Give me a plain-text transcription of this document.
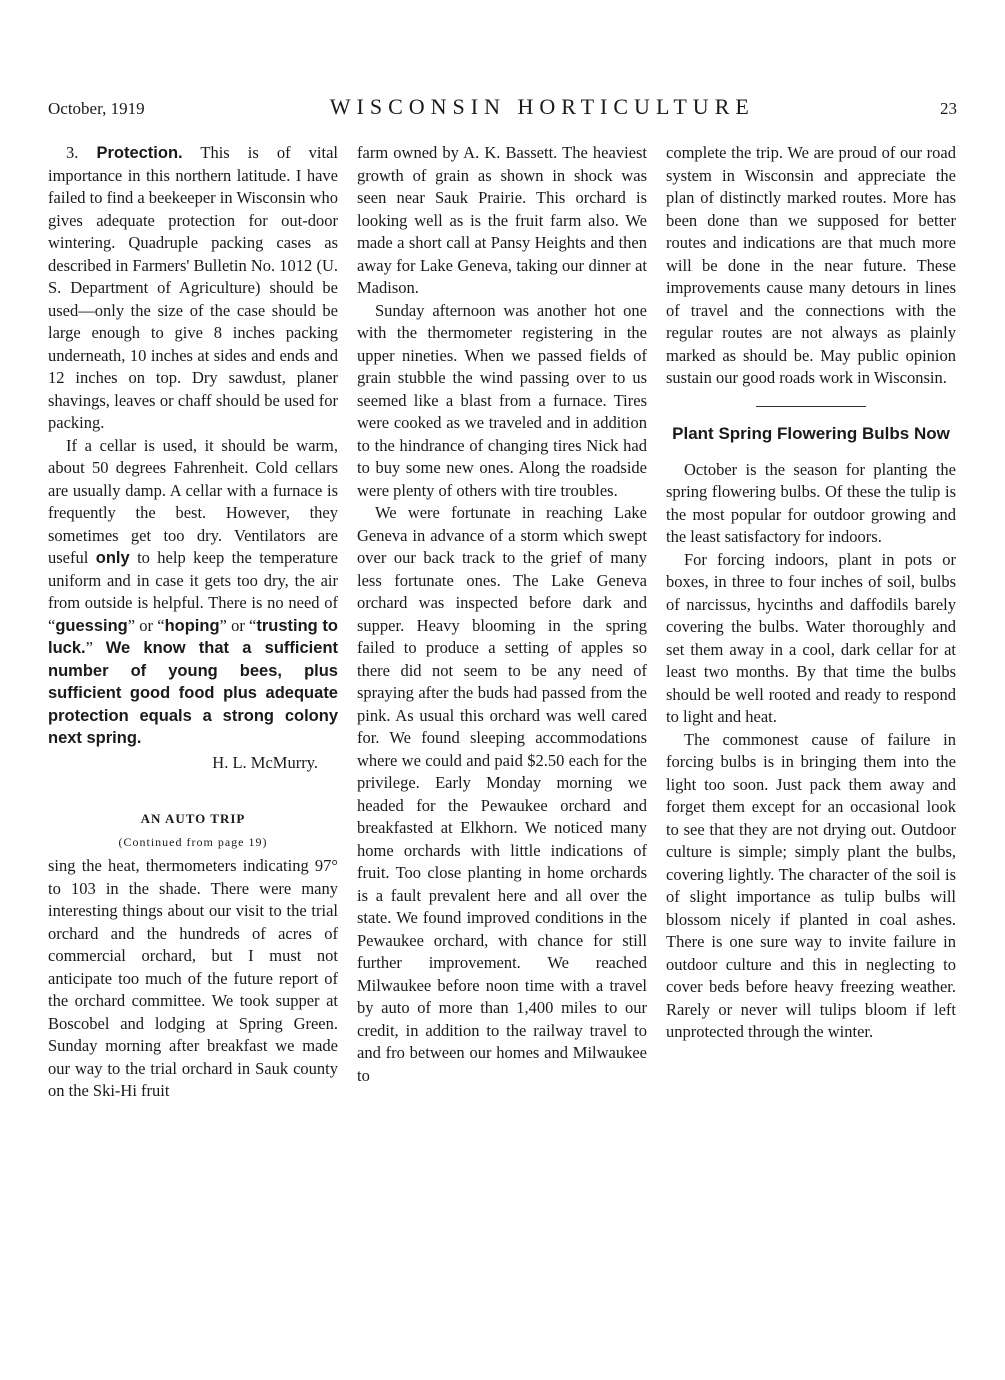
October, 1919	WISCONSIN HORTICULTURE	23

3. Protection. This is of vital importance in this northern latitude. I have failed to find a beekeeper in Wisconsin who gives adequate protection for out-door wintering. Quadruple packing cases as described in Farmers' Bulletin No. 1012 (U. S. Department of Agriculture) should be used—only the size of the case should be large enough to give 8 inches packing underneath, 10 inches at sides and ends and 12 inches on top. Dry sawdust, planer shavings, leaves or chaff should be used for packing.

If a cellar is used, it should be warm, about 50 degrees Fahrenheit. Cold cellars are usually damp. A cellar with a furnace is frequently the best. However, they sometimes get too dry. Ventilators are useful only to help keep the temperature uniform and in case it gets too dry, the air from outside is helpful. There is no need of “guessing” or “hoping” or “trusting to luck.” We know that a sufficient number of young bees, plus sufficient good food plus adequate protection equals a strong colony next spring.

H. L. McMurry.
AN AUTO TRIP
(Continued from page 19)

sing the heat, thermometers indicating 97° to 103 in the shade. There were many interesting things about our visit to the trial orchard and the hundreds of acres of commercial orchard, but I must not anticipate too much of the future report of the orchard committee. We took supper at Boscobel and lodging at Spring Green. Sunday morning after breakfast we made our way to the trial orchard in Sauk county on the Ski-Hi fruit

farm owned by A. K. Bassett. The heaviest growth of grain as shown in shock was seen near Sauk Prairie. This orchard is looking well as is the fruit farm also. We made a short call at Pansy Heights and then away for Lake Geneva, taking our dinner at Madison.

Sunday afternoon was another hot one with the thermometer registering in the upper nineties. When we passed fields of grain stubble the wind passing over to us seemed like a blast from a furnace. Tires were cooked as we traveled and in addition to the hindrance of changing tires Nick had to buy some new ones. Along the roadside were plenty of others with tire troubles.

We were fortunate in reaching Lake Geneva in advance of a storm which swept over our back track to the grief of many less fortunate ones. The Lake Geneva orchard was inspected before dark and supper. Heavy blooming in the spring failed to produce a setting of apples so there did not seem to be any need of spraying after the buds had passed from the pink. As usual this orchard was well cared for. We found sleeping accommodations where we could and paid $2.50 each for the privilege. Early Monday morning we headed for the Pewaukee orchard and breakfasted at Elkhorn. We noticed many home orchards with little indications of fruit. Too close planting in home orchards is a fault prevalent here and all over the state. We found improved conditions in the Pewaukee orchard, with chance for still further improvement. We reached Milwaukee before noon time with a travel by auto of more than 1,400 miles to our credit, in addition to the railway travel to and fro between our homes and Milwaukee to

complete the trip. We are proud of our road system in Wisconsin and appreciate the plan of distinctly marked routes. More has been done than we supposed for better routes and indications are that much more will be done in the near future. These improvements cause many detours in lines of travel and the connections with the regular routes are not always as plainly marked as should be. May public opinion sustain our good roads work in Wisconsin.

Plant Spring Flowering Bulbs Now

October is the season for planting the spring flowering bulbs. Of these the tulip is the most popular for outdoor growing and the least satisfactory for indoors.

For forcing indoors, plant in pots or boxes, in three to four inches of soil, bulbs of narcissus, hycinths and daffodils barely covering the bulbs. Water thoroughly and set them away in a cool, dark cellar for at least two months. By that time the bulbs should be well rooted and ready to respond to light and heat.

The commonest cause of failure in forcing bulbs is in bringing them into the light too soon. Just pack them away and forget them except for an occasional look to see that they are not drying out. Outdoor culture is simple; simply plant the bulbs, covering lightly. The character of the soil is of slight importance as tulip bulbs will blossom nicely if planted in coal ashes. There is one sure way to invite failure in outdoor culture and this in neglecting to cover beds before heavy freezing weather. Rarely or never will tulips bloom if left unprotected through the winter.
